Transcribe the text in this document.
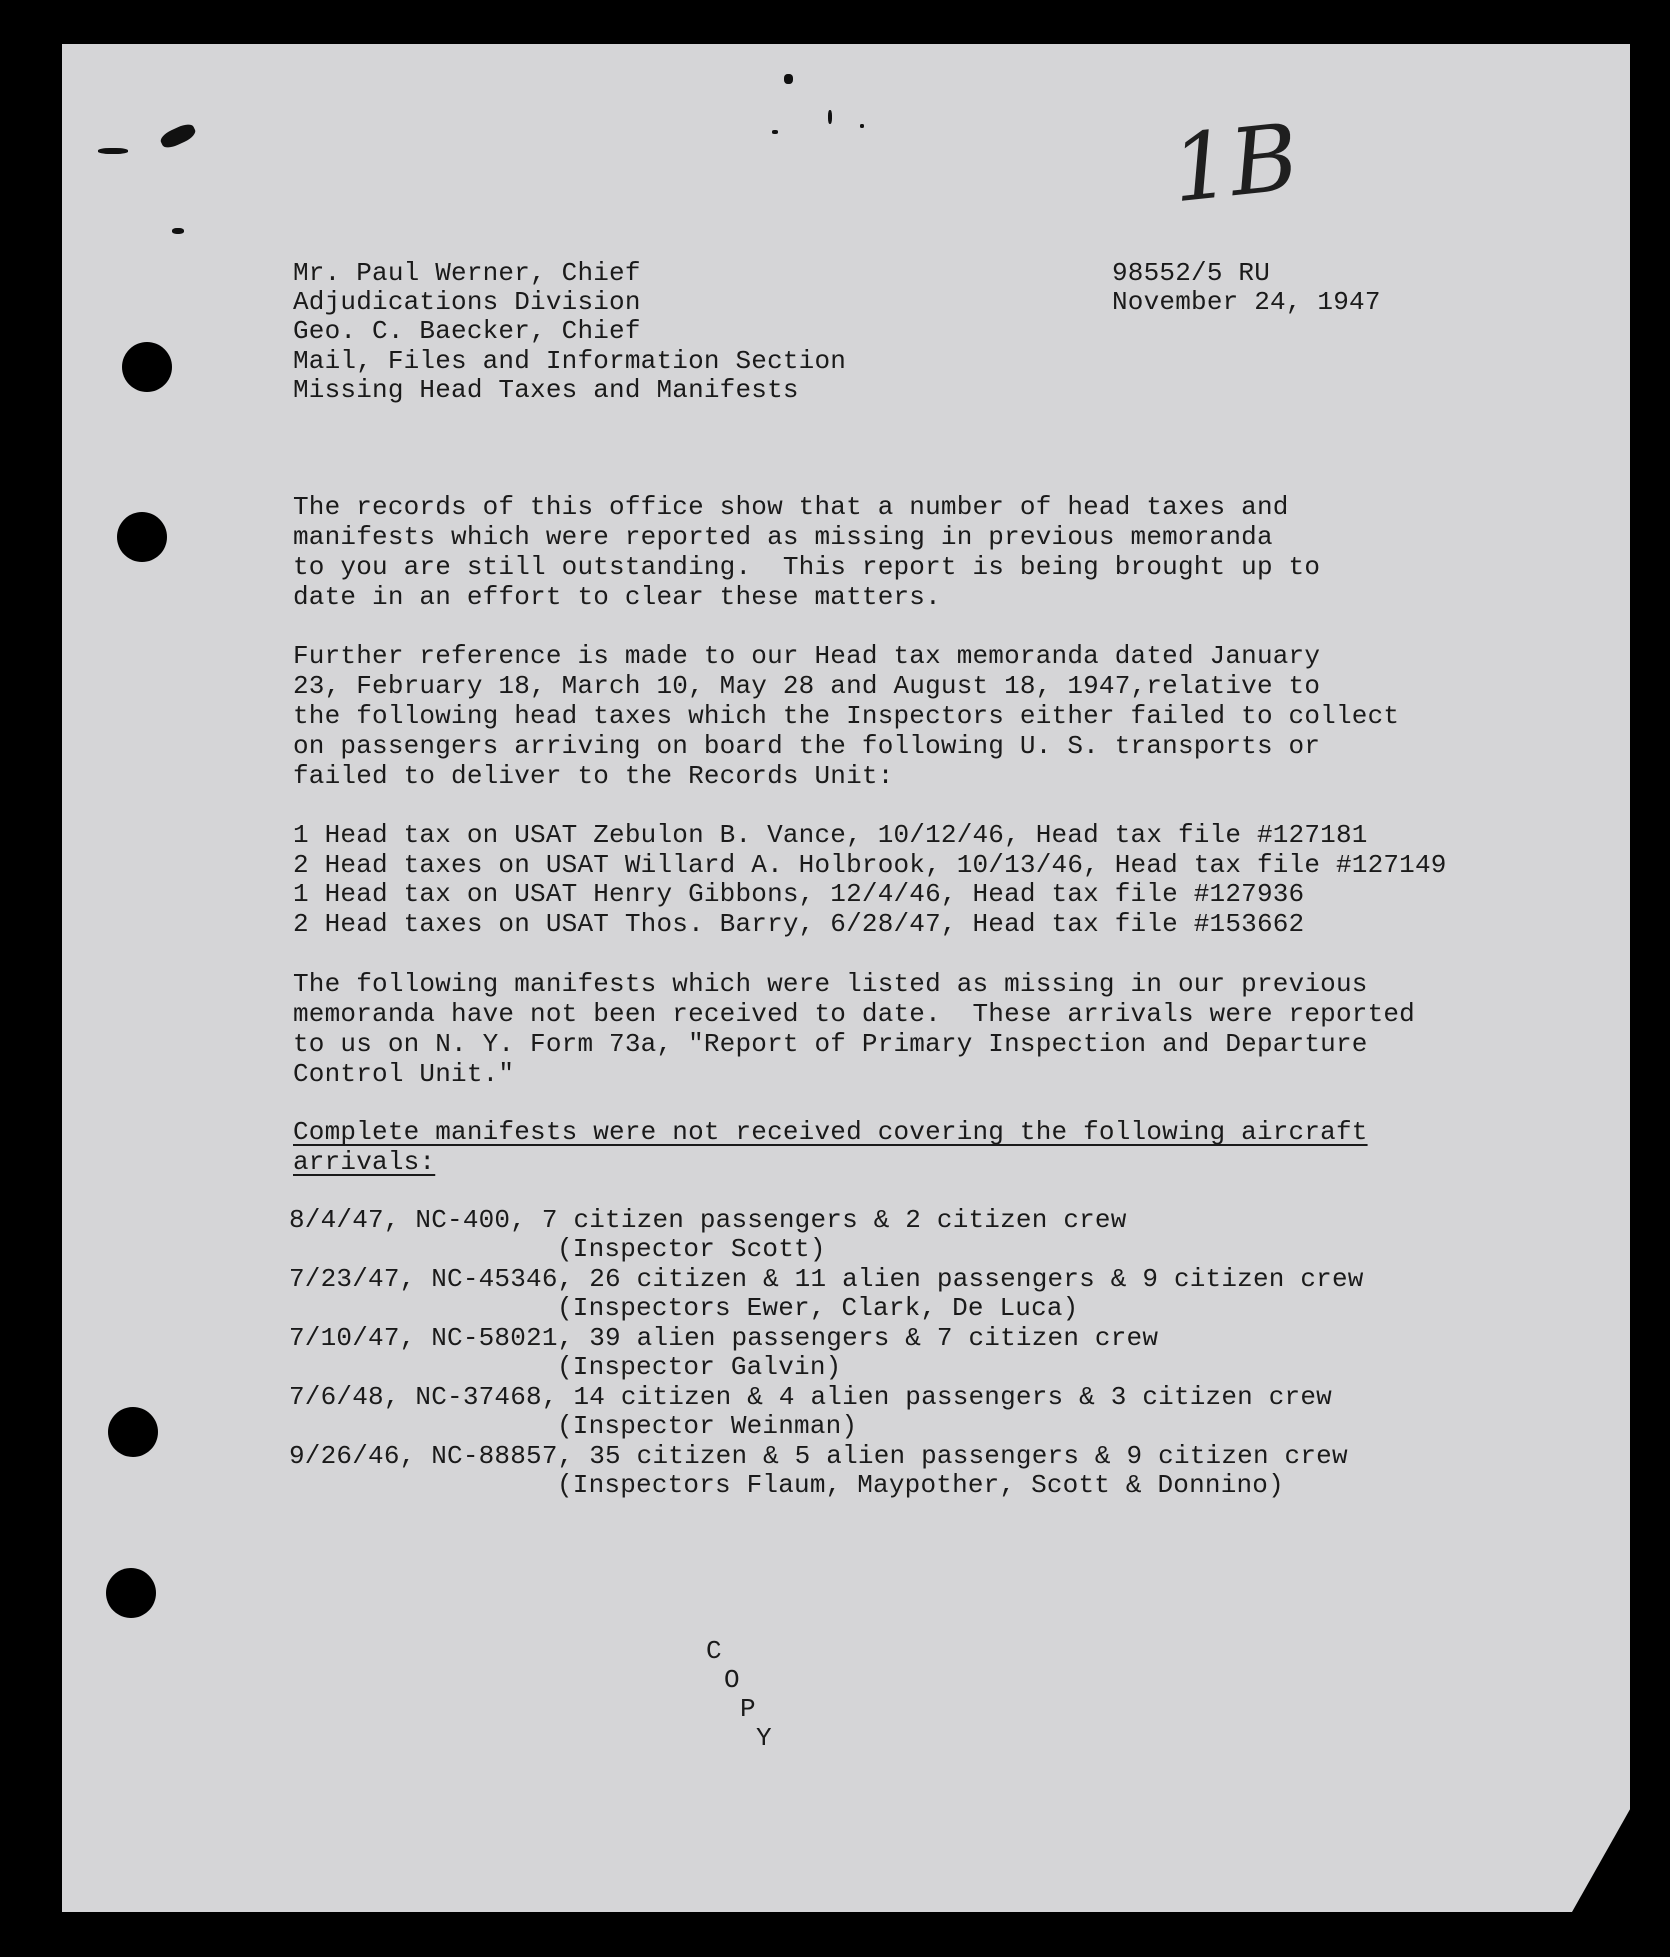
1B

Mr. Paul Werner, Chief

Adjudications Division

Geo. C. Baecker, Chief

Mail, Files and Information Section

Missing Head Taxes and Manifests

98552/5 RU

November 24, 1947

The records of this office show that a number of head taxes and

manifests which were reported as missing in previous memoranda

to you are still outstanding.  This report is being brought up to

date in an effort to clear these matters.

Further reference is made to our Head tax memoranda dated January

23, February 18, March 10, May 28 and August 18, 1947,relative to

the following head taxes which the Inspectors either failed to collect

on passengers arriving on board the following U. S. transports or

failed to deliver to the Records Unit:

1 Head tax on USAT Zebulon B. Vance, 10/12/46, Head tax file #127181

2 Head taxes on USAT Willard A. Holbrook, 10/13/46, Head tax file #127149

1 Head tax on USAT Henry Gibbons, 12/4/46, Head tax file #127936

2 Head taxes on USAT Thos. Barry, 6/28/47, Head tax file #153662

The following manifests which were listed as missing in our previous

memoranda have not been received to date.  These arrivals were reported

to us on N. Y. Form 73a, "Report of Primary Inspection and Departure

Control Unit."

Complete manifests were not received covering the following aircraft

arrivals:

8/4/47, NC-400, 7 citizen passengers & 2 citizen crew

(Inspector Scott)

7/23/47, NC-45346, 26 citizen & 11 alien passengers & 9 citizen crew

(Inspectors Ewer, Clark, De Luca)

7/10/47, NC-58021, 39 alien passengers & 7 citizen crew

(Inspector Galvin)

7/6/48, NC-37468, 14 citizen & 4 alien passengers & 3 citizen crew

(Inspector Weinman)

9/26/46, NC-88857, 35 citizen & 5 alien passengers & 9 citizen crew

(Inspectors Flaum, Maypother, Scott & Donnino)

C
O
P
Y
